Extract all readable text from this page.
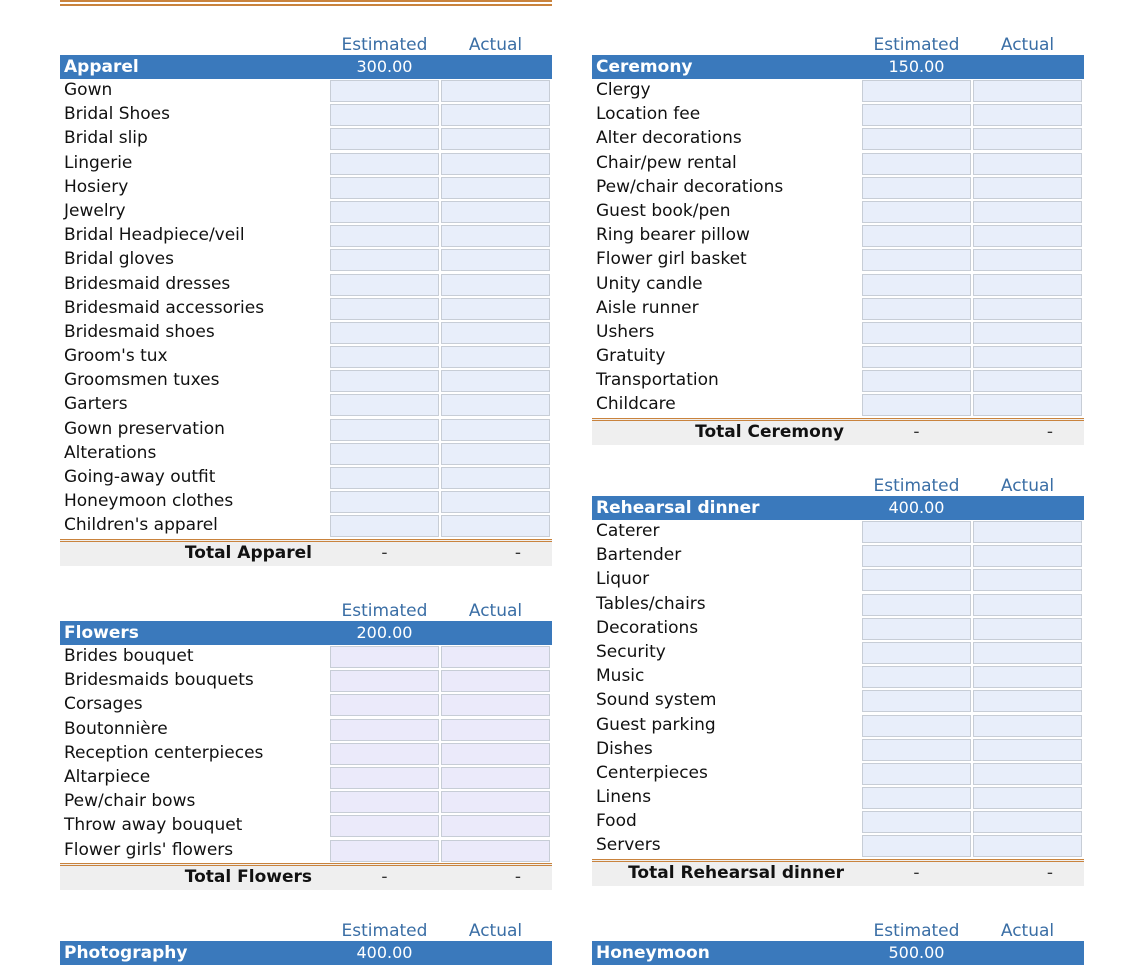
Estimated	Actual
Apparel	300.00
Gown
Bridal Shoes
Bridal slip
Lingerie
Hosiery
Jewelry
Bridal Headpiece/veil
Bridal gloves
Bridesmaid dresses
Bridesmaid accessories
Bridesmaid shoes
Groom's tux
Groomsmen tuxes
Garters
Gown preservation
Alterations
Going-away outfit
Honeymoon clothes
Children's apparel
Total Apparel	-	-
Estimated	Actual
Flowers	200.00
Brides bouquet
Bridesmaids bouquets
Corsages
Boutonnière
Reception centerpieces
Altarpiece
Pew/chair bows
Throw away bouquet
Flower girls' flowers
Total Flowers	-	-
Estimated	Actual
Photography	400.00
Estimated	Actual
Ceremony	150.00
Clergy
Location fee
Alter decorations
Chair/pew rental
Pew/chair decorations
Guest book/pen
Ring bearer pillow
Flower girl basket
Unity candle
Aisle runner
Ushers
Gratuity
Transportation
Childcare
Total Ceremony	-	-
Estimated	Actual
Rehearsal dinner	400.00
Caterer
Bartender
Liquor
Tables/chairs
Decorations
Security
Music
Sound system
Guest parking
Dishes
Centerpieces
Linens
Food
Servers
Total Rehearsal dinner	-	-
Estimated	Actual
Honeymoon	500.00
